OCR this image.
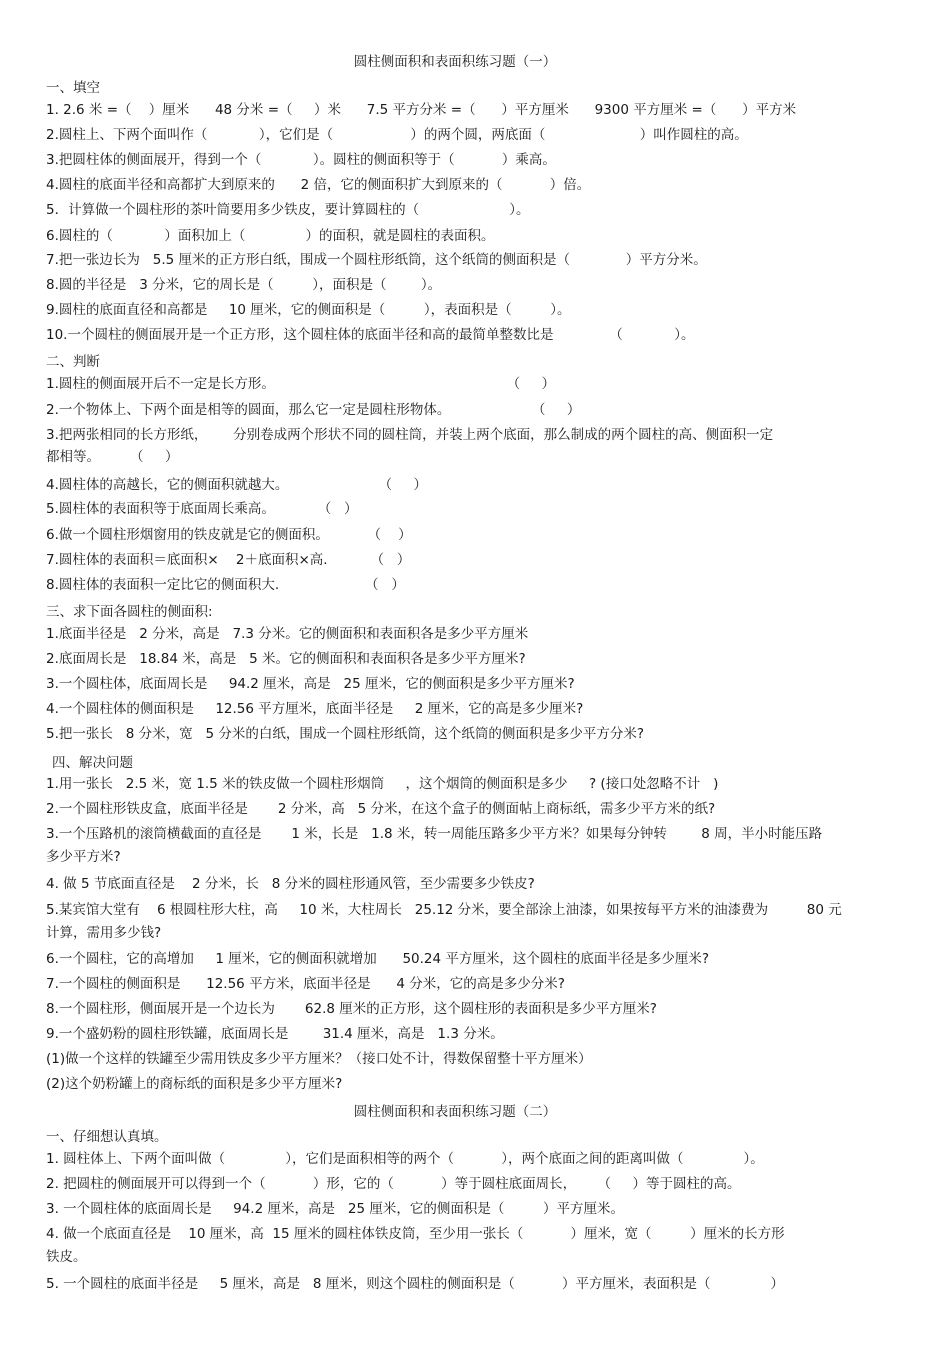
圆柱侧面积和表面积练习题（一）
一、填空
1. 2.6 米 =（    ）厘米      48 分米 =（     ）米      7.5 平方分米 =（      ）平方厘米      9300 平方厘米 =（      ）平方米
2.圆柱上、下两个面叫作（            ），它们是（                  ）的两个圆，两底面（                      ）叫作圆柱的高。
3.把圆柱体的侧面展开，得到一个（            ）。圆柱的侧面积等于（           ）乘高。
4.圆柱的底面半径和高都扩大到原来的      2 倍，它的侧面积扩大到原来的（           ）倍。
5．计算做一个圆柱形的茶叶筒要用多少铁皮，要计算圆柱的（                     ）。
6.圆柱的（            ）面积加上（              ）的面积，就是圆柱的表面积。
7.把一张边长为   5.5 厘米的正方形白纸，围成一个圆柱形纸筒，这个纸筒的侧面积是（             ）平方分米。
8.圆的半径是   3 分米，它的周长是（         ），面积是（        ）。
9.圆柱的底面直径和高都是     10 厘米，它的侧面积是（         ），表面积是（         ）。
10.一个圆柱的侧面展开是一个正方形，这个圆柱体的底面半径和高的最简单整数比是             （            ）。
二、判断
1.圆柱的侧面展开后不一定是长方形。                                                      （     ）
2.一个物体上、下两个面是相等的圆面，那么它一定是圆柱形物体。                   （     ）
3.把两张相同的长方形纸，      分别卷成两个形状不同的圆柱筒，并装上两个底面，那么制成的两个圆柱的高、侧面积一定
都相等。       （     ）
4.圆柱体的高越长，它的侧面积就越大。                     （     ）
5.圆柱体的表面积等于底面周长乘高。          （   ）
6.做一个圆柱形烟窗用的铁皮就是它的侧面积。         （    ）
7.圆柱体的表面积＝底面积×    2＋底面积×高.          （   ）
8.圆柱体的表面积一定比它的侧面积大.                    （   ）
三、求下面各圆柱的侧面积:
1.底面半径是   2 分米，高是   7.3 分米。它的侧面积和表面积各是多少平方厘米
2.底面周长是   18.84 米，高是   5 米。它的侧面积和表面积各是多少平方厘米?
3.一个圆柱体，底面周长是     94.2 厘米，高是   25 厘米，它的侧面积是多少平方厘米?
4.一个圆柱体的侧面积是     12.56 平方厘米，底面半径是     2 厘米，它的高是多少厘米?
5.把一张长   8 分米，宽   5 分米的白纸，围成一个圆柱形纸筒，这个纸筒的侧面积是多少平方分米?
四、解决问题
1.用一张长   2.5 米，宽 1.5 米的铁皮做一个圆柱形烟筒     ，这个烟筒的侧面积是多少     ? (接口处忽略不计   )
2.一个圆柱形铁皮盒，底面半径是       2 分米，高   5 分米，在这个盒子的侧面帖上商标纸，需多少平方米的纸?
3.一个压路机的滚筒横截面的直径是       1 米，长是   1.8 米，转一周能压路多少平方米？如果每分钟转        8 周，半小时能压路
多少平方米?
4. 做 5 节底面直径是    2 分米，长   8 分米的圆柱形通风管，至少需要多少铁皮?
5.某宾馆大堂有    6 根圆柱形大柱，高     10 米，大柱周长   25.12 分米，要全部涂上油漆，如果按每平方米的油漆费为         80 元
计算，需用多少钱?
6.一个圆柱，它的高增加     1 厘米，它的侧面积就增加      50.24 平方厘米，这个圆柱的底面半径是多少厘米?
7.一个圆柱的侧面积是      12.56 平方米，底面半径是      4 分米，它的高是多少分米?
8.一个圆柱形，侧面展开是一个边长为       62.8 厘米的正方形，这个圆柱形的表面积是多少平方厘米?
9.一个盛奶粉的圆柱形铁罐，底面周长是        31.4 厘米，高是   1.3 分米。
(1)做一个这样的铁罐至少需用铁皮多少平方厘米？（接口处不计，得数保留整十平方厘米）
(2)这个奶粉罐上的商标纸的面积是多少平方厘米?
圆柱侧面积和表面积练习题（二）
一、仔细想认真填。
1. 圆柱体上、下两个面叫做（              ），它们是面积相等的两个（           ），两个底面之间的距离叫做（              ）。
2. 把圆柱的侧面展开可以得到一个（           ）形，它的（           ）等于圆柱底面周长，     （     ）等于圆柱的高。
3. 一个圆柱体的底面周长是     94.2 厘米，高是   25 厘米，它的侧面积是（         ）平方厘米。
4. 做一个底面直径是    10 厘米，高  15 厘米的圆柱体铁皮筒，至少用一张长（           ）厘米，宽（         ）厘米的长方形
铁皮。
5. 一个圆柱的底面半径是     5 厘米，高是   8 厘米，则这个圆柱的侧面积是（           ）平方厘米，表面积是（              ）
